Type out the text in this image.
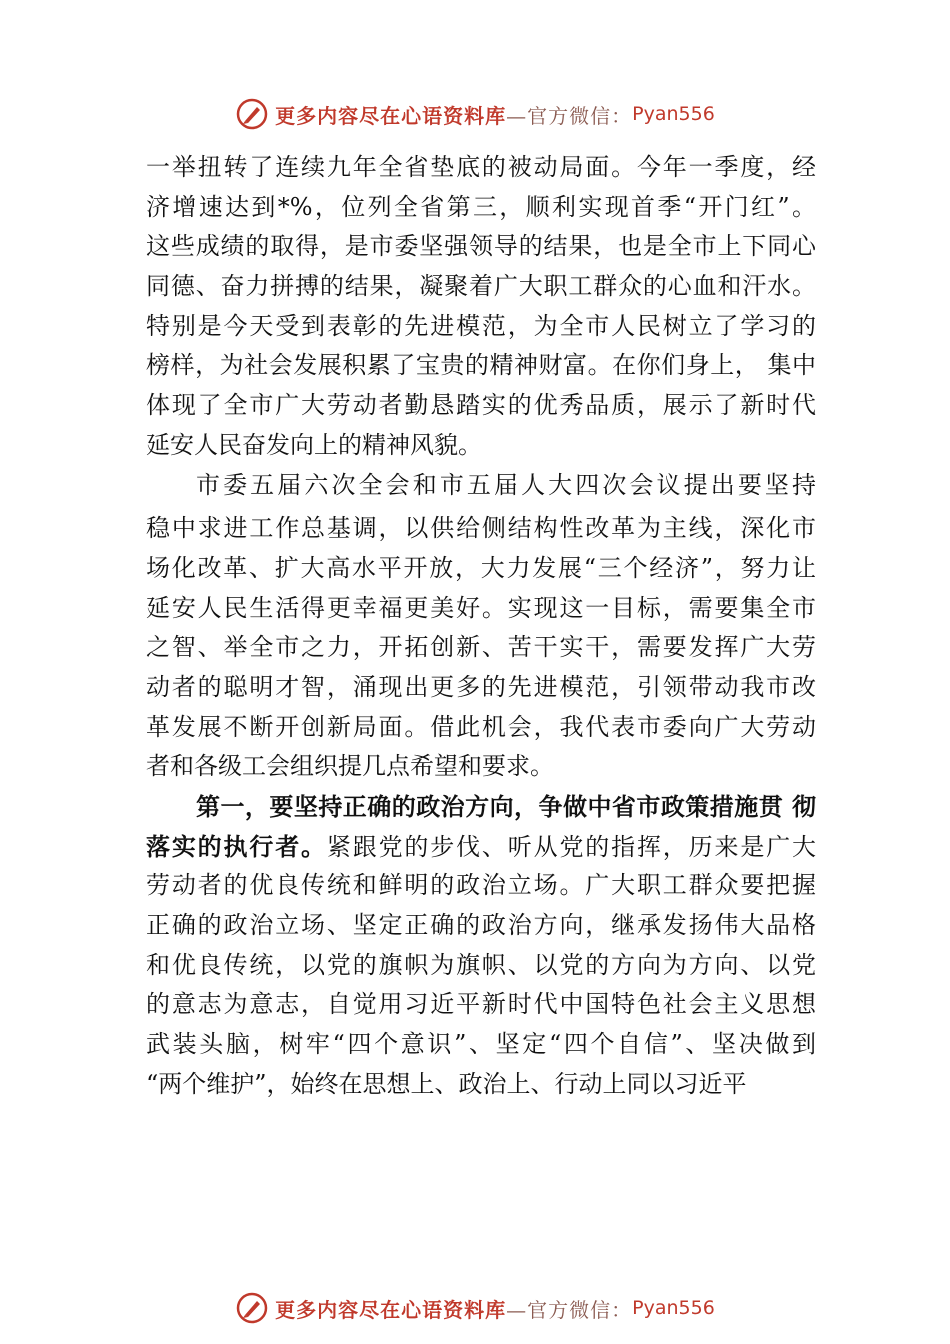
更多内容尽在心语资料库 —官方微信： Pyan556
一举扭转了连续九年全省垫底的被动局面。今年一季度，经
济增速达到*%，位列全省第三，顺利实现首季“开门红”。
这些成绩的取得，是市委坚强领导的结果，也是全市上下同心
同德、奋力拼搏的结果，凝聚着广大职工群众的心血和汗水。
特别是今天受到表彰的先进模范，为全市人民树立了学习的
榜样，为社会发展积累了宝贵的精神财富。在你们身上， 集中
体现了全市广大劳动者勤恳踏实的优秀品质，展示了新时代
延安人民奋发向上的精神风貌。
市委五届六次全会和市五届人大四次会议提出要坚持
稳中求进工作总基调，以供给侧结构性改革为主线，深化市
场化改革、扩大高水平开放，大力发展“三个经济”，努力让
延安人民生活得更幸福更美好。实现这一目标，需要集全市
之智、举全市之力，开拓创新、苦干实干，需要发挥广大劳
动者的聪明才智，涌现出更多的先进模范，引领带动我市改
革发展不断开创新局面。借此机会，我代表市委向广大劳动
者和各级工会组织提几点希望和要求。
第一，要坚持正确的政治方向，争做中省市政策措施贯 彻
落实的执行者。紧跟党的步伐、听从党的指挥，历来是广大
劳动者的优良传统和鲜明的政治立场。广大职工群众要把握
正确的政治立场、坚定正确的政治方向，继承发扬伟大品格
和优良传统，以党的旗帜为旗帜、以党的方向为方向、以党
的意志为意志，自觉用习近平新时代中国特色社会主义思想
武装头脑，树牢“四个意识”、坚定“四个自信”、坚决做到
“两个维护”，始终在思想上、政治上、行动上同以习近平
更多内容尽在心语资料库 —官方微信： Pyan556
